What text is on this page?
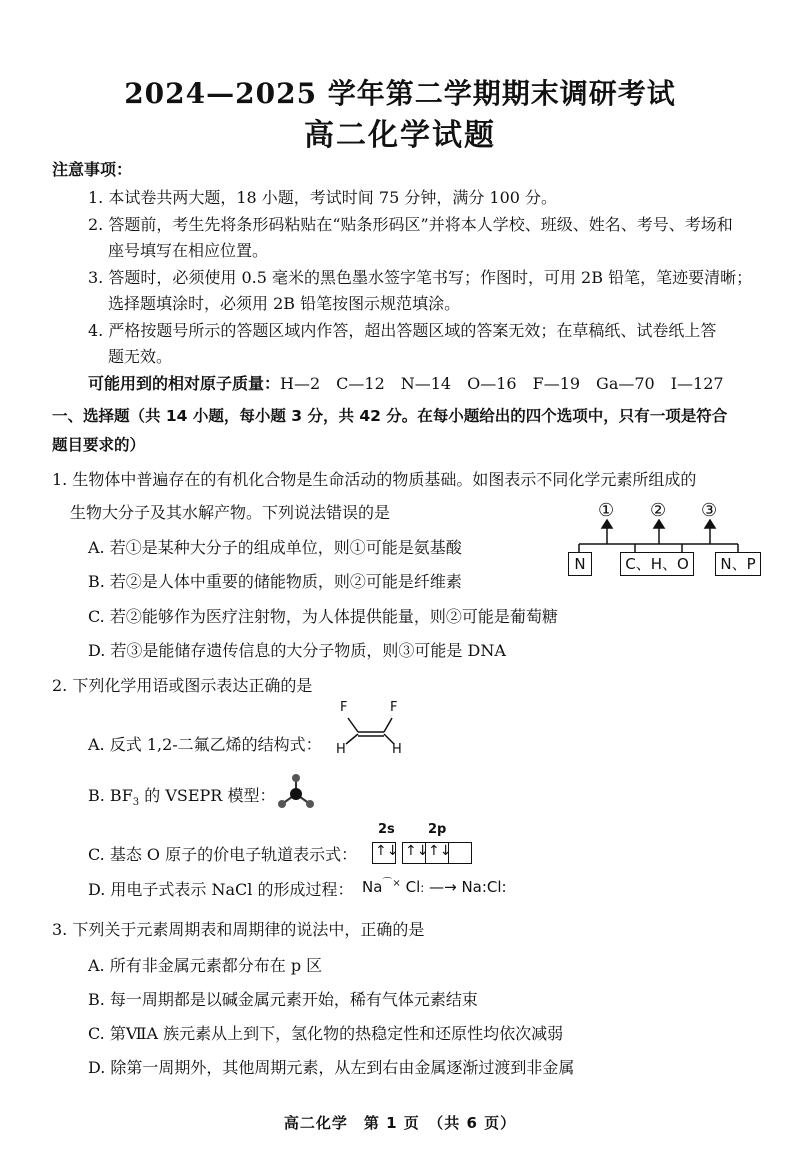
2024—2025 学年第二学期期末调研考试
高二化学试题
注意事项：
1. 本试卷共两大题，18 小题，考试时间 75 分钟，满分 100 分。
2. 答题前，考生先将条形码粘贴在“贴条形码区”并将本人学校、班级、姓名、考号、考场和
座号填写在相应位置。
3. 答题时，必须使用 0.5 毫米的黑色墨水签字笔书写；作图时，可用 2B 铅笔，笔迹要清晰；
选择题填涂时，必须用 2B 铅笔按图示规范填涂。
4. 严格按题号所示的答题区域内作答，超出答题区域的答案无效；在草稿纸、试卷纸上答
题无效。
可能用到的相对原子质量：H—2　C—12　N—14　O—16　F—19　Ga—70　I—127
一、选择题（共 14 小题，每小题 3 分，共 42 分。在每小题给出的四个选项中，只有一项是符合
题目要求的）
1. 生物体中普遍存在的有机化合物是生命活动的物质基础。如图表示不同化学元素所组成的
生物大分子及其水解产物。下列说法错误的是
A. 若①是某种大分子的组成单位，则①可能是氨基酸
B. 若②是人体中重要的储能物质，则②可能是纤维素
C. 若②能够作为医疗注射物，为人体提供能量，则②可能是葡萄糖
D. 若③是能储存遗传信息的大分子物质，则③可能是 DNA
① ② ③
N	C、H、O	N、P
2. 下列化学用语或图示表达正确的是
A. 反式 1,2-二氟乙烯的结构式：
F	F
H	H
B. $BF_3$ 的 VSEPR 模型：
C. 基态 O 原子的价电子轨道表示式：
2s	2p
↑↓ ↑↓ ↑↓
D. 用电子式表示 NaCl 的形成过程： Na⌒× Cl: —→ Na:Cl:
3. 下列关于元素周期表和周期律的说法中，正确的是
A. 所有非金属元素都分布在 p 区
B. 每一周期都是以碱金属元素开始，稀有气体元素结束
C. 第ⅦA 族元素从上到下，氢化物的热稳定性和还原性均依次减弱
D. 除第一周期外，其他周期元素，从左到右由金属逐渐过渡到非金属
高二化学　第 1 页　（共 6 页）
